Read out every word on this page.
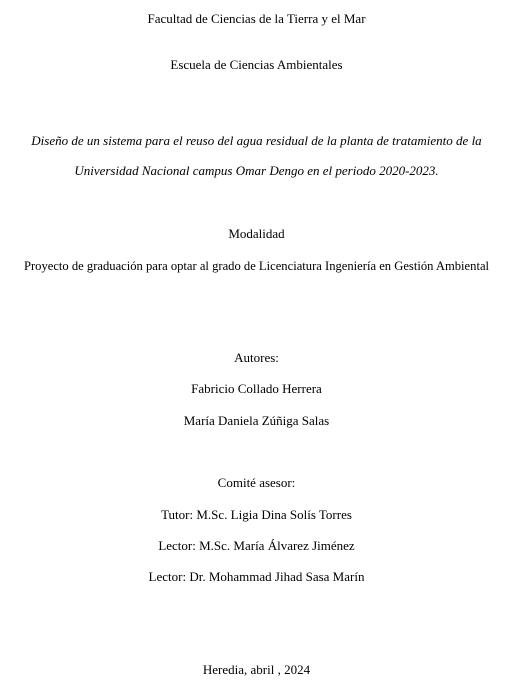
Facultad de Ciencias de la Tierra y el Mar
Escuela de Ciencias Ambientales
Diseño de un sistema para el reuso del agua residual de la planta de tratamiento de la
Universidad Nacional campus Omar Dengo en el periodo 2020-2023.
Modalidad
Proyecto de graduación para optar al grado de Licenciatura Ingeniería en Gestión Ambiental
Autores:
Fabricio Collado Herrera
María Daniela Zúñiga Salas
Comité asesor:
Tutor: M.Sc. Ligia Dina Solís Torres
Lector: M.Sc. María Álvarez Jiménez
Lector: Dr. Mohammad Jihad Sasa Marín
Heredia, abril , 2024
